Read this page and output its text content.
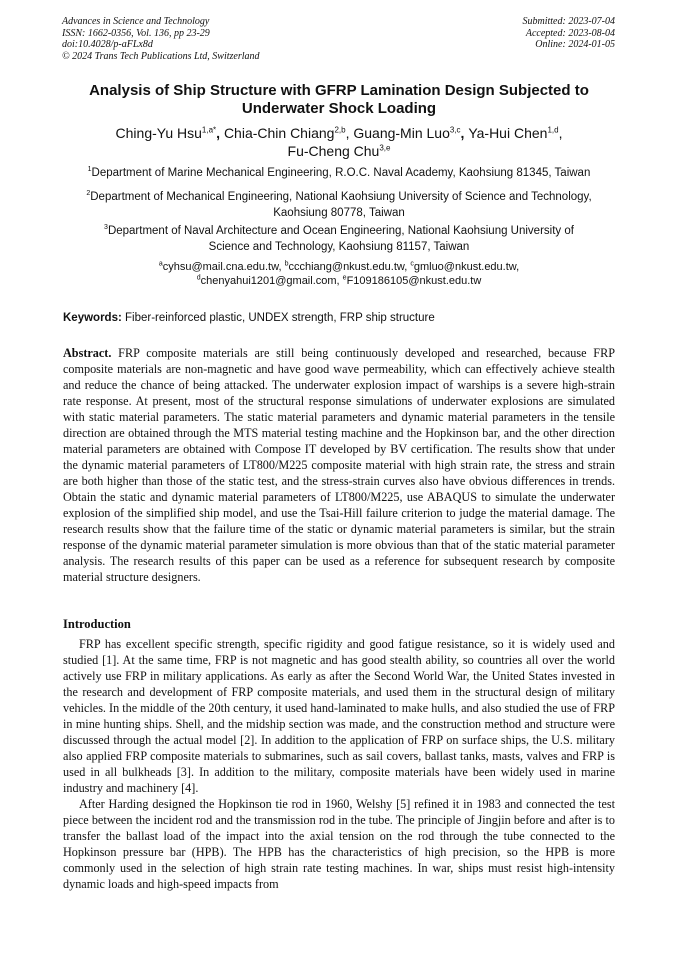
Advances in Science and Technology
ISSN: 1662-0356, Vol. 136, pp 23-29
doi:10.4028/p-aFLx8d
© 2024 Trans Tech Publications Ltd, Switzerland
Submitted: 2023-07-04
Accepted: 2023-08-04
Online: 2024-01-05
Analysis of Ship Structure with GFRP Lamination Design Subjected to Underwater Shock Loading
Ching-Yu Hsu$^{1,a*}$, Chia-Chin Chiang$^{2,b}$, Guang-Min Luo$^{3,c}$, Ya-Hui Chen$^{1,d}$,
Fu-Cheng Chu$^{3,e}$
$^1$Department of Marine Mechanical Engineering, R.O.C. Naval Academy, Kaohsiung 81345, Taiwan
$^2$Department of Mechanical Engineering, National Kaohsiung University of Science and Technology, Kaohsiung 80778, Taiwan
$^3$Department of Naval Architecture and Ocean Engineering, National Kaohsiung University of Science and Technology, Kaohsiung 81157, Taiwan
$^a$cyhsu@mail.cna.edu.tw, $^b$ccchiang@nkust.edu.tw, $^c$gmluo@nkust.edu.tw,
$^d$chenyahui1201@gmail.com, $^e$F109186105@nkust.edu.tw
Keywords: Fiber-reinforced plastic, UNDEX strength, FRP ship structure
Abstract. FRP composite materials are still being continuously developed and researched, because FRP composite materials are non-magnetic and have good wave permeability, which can effectively achieve stealth and reduce the chance of being attacked. The underwater explosion impact of warships is a severe high-strain rate response. At present, most of the structural response simulations of underwater explosions are simulated with static material parameters. The static material parameters and dynamic material parameters in the tensile direction are obtained through the MTS material testing machine and the Hopkinson bar, and the other direction material parameters are obtained with Compose IT developed by BV certification. The results show that under the dynamic material parameters of LT800/M225 composite material with high strain rate, the stress and strain are both higher than those of the static test, and the stress-strain curves also have obvious differences in trends. Obtain the static and dynamic material parameters of LT800/M225, use ABAQUS to simulate the underwater explosion of the simplified ship model, and use the Tsai-Hill failure criterion to judge the material damage. The research results show that the failure time of the static or dynamic material parameters is similar, but the strain response of the dynamic material parameter simulation is more obvious than that of the static material parameter analysis. The research results of this paper can be used as a reference for subsequent research by composite material structure designers.
Introduction

FRP has excellent specific strength, specific rigidity and good fatigue resistance, so it is widely used and studied [1]. At the same time, FRP is not magnetic and has good stealth ability, so countries all over the world actively use FRP in military applications. As early as after the Second World War, the United States invested in the research and development of FRP composite materials, and used them in the structural design of military vehicles. In the middle of the 20th century, it used hand-laminated to make hulls, and also studied the use of FRP in mine hunting ships. Shell, and the midship section was made, and the construction method and structure were discussed through the actual model [2]. In addition to the application of FRP on surface ships, the U.S. military also applied FRP composite materials to submarines, such as sail covers, ballast tanks, masts, valves and FRP is used in all bulkheads [3]. In addition to the military, composite materials have been widely used in marine industry and machinery [4].

After Harding designed the Hopkinson tie rod in 1960, Welshy [5] refined it in 1983 and connected the test piece between the incident rod and the transmission rod in the tube. The principle of Jingjin before and after is to transfer the ballast load of the impact into the axial tension on the rod through the tube connected to the Hopkinson pressure bar (HPB). The HPB has the characteristics of high precision, so the HPB is more commonly used in the selection of high strain rate testing machines. In war, ships must resist high-intensity dynamic loads and high-speed impacts from
